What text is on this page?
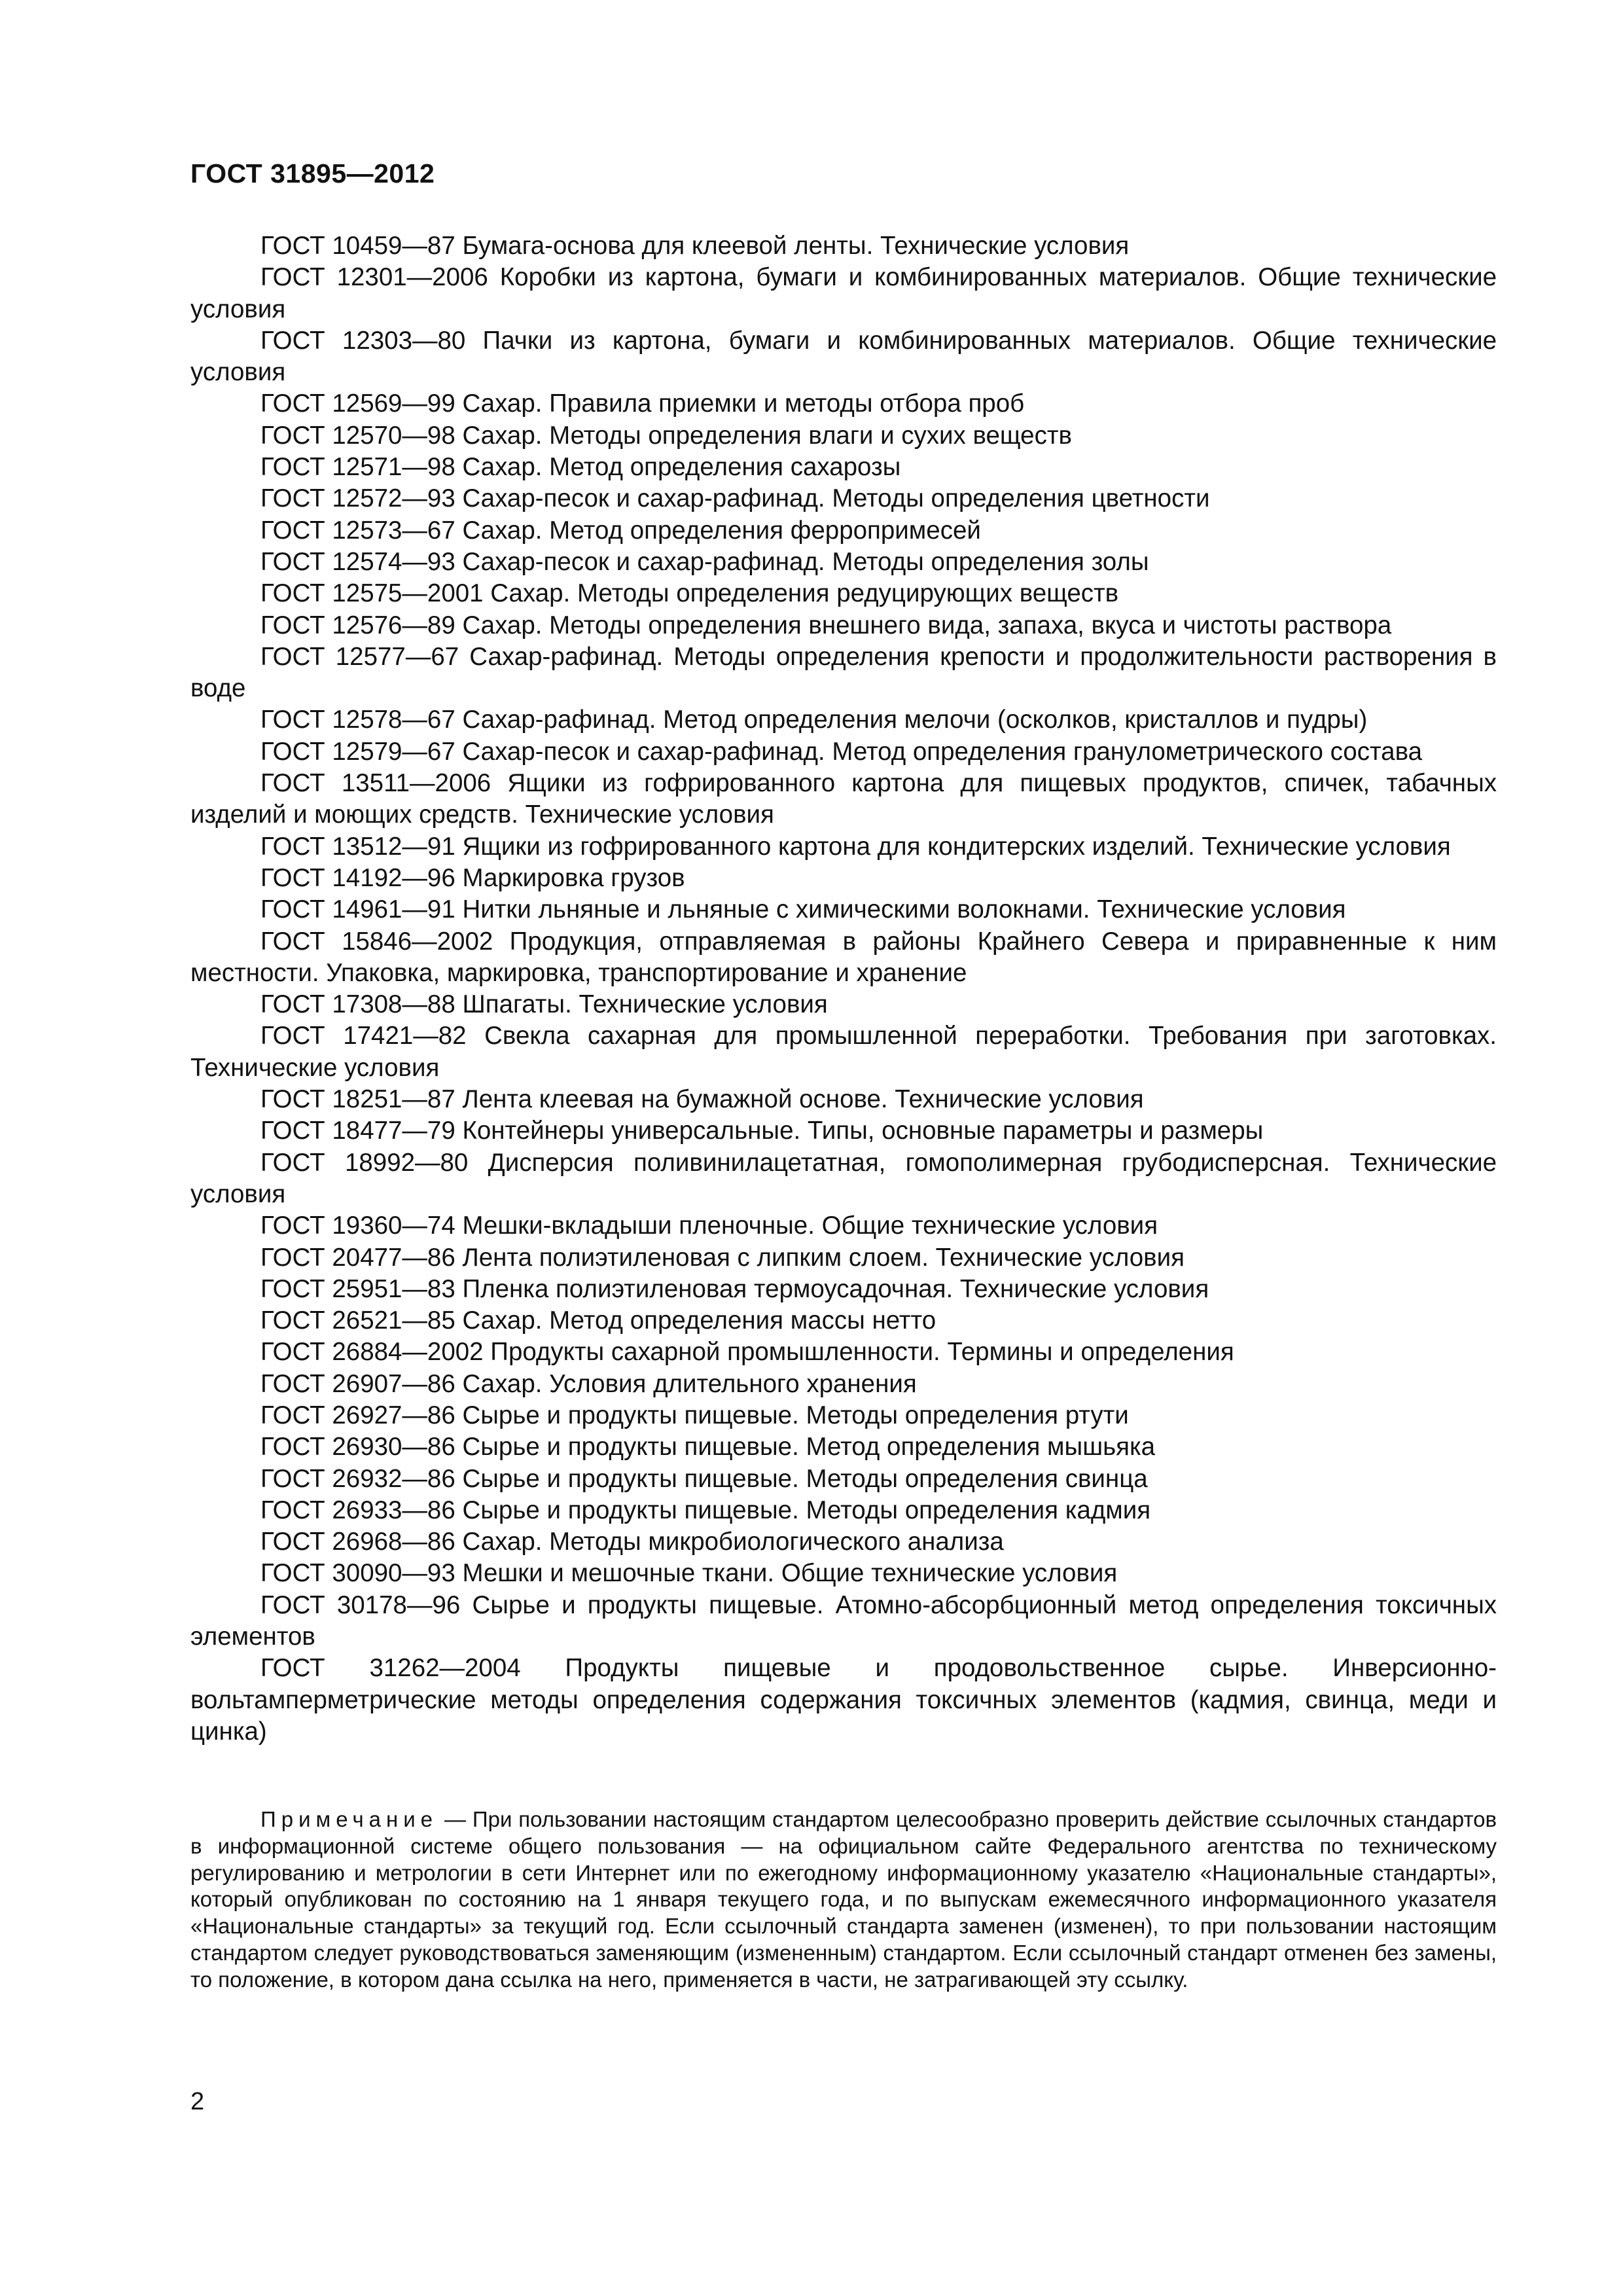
ГОСТ 31895—2012

ГОСТ 10459—87 Бумага-основа для клеевой ленты. Технические условия

ГОСТ 12301—2006 Коробки из картона, бумаги и комбинированных материалов. Общие технические условия

ГОСТ 12303—80 Пачки из картона, бумаги и комбинированных материалов. Общие технические условия

ГОСТ 12569—99 Сахар. Правила приемки и методы отбора проб

ГОСТ 12570—98 Сахар. Методы определения влаги и сухих веществ

ГОСТ 12571—98 Сахар. Метод определения сахарозы

ГОСТ 12572—93 Сахар-песок и сахар-рафинад. Методы определения цветности

ГОСТ 12573—67 Сахар. Метод определения ферропримесей

ГОСТ 12574—93 Сахар-песок и сахар-рафинад. Методы определения золы

ГОСТ 12575—2001 Сахар. Методы определения редуцирующих веществ

ГОСТ 12576—89 Сахар. Методы определения внешнего вида, запаха, вкуса и чистоты раствора

ГОСТ 12577—67 Сахар-рафинад. Методы определения крепости и продолжительности растворения в воде

ГОСТ 12578—67 Сахар-рафинад. Метод определения мелочи (осколков, кристаллов и пудры)

ГОСТ 12579—67 Сахар-песок и сахар-рафинад. Метод определения гранулометрического состава

ГОСТ 13511—2006 Ящики из гофрированного картона для пищевых продуктов, спичек, табачных изделий и моющих средств. Технические условия

ГОСТ 13512—91 Ящики из гофрированного картона для кондитерских изделий. Технические условия

ГОСТ 14192—96 Маркировка грузов

ГОСТ 14961—91 Нитки льняные и льняные с химическими волокнами. Технические условия

ГОСТ 15846—2002 Продукция, отправляемая в районы Крайнего Севера и приравненные к ним местности. Упаковка, маркировка, транспортирование и хранение

ГОСТ 17308—88 Шпагаты. Технические условия

ГОСТ 17421—82 Свекла сахарная для промышленной переработки. Требования при заготовках. Технические условия

ГОСТ 18251—87 Лента клеевая на бумажной основе. Технические условия

ГОСТ 18477—79 Контейнеры универсальные. Типы, основные параметры и размеры

ГОСТ 18992—80 Дисперсия поливинилацетатная, гомополимерная грубодисперсная. Технические условия

ГОСТ 19360—74 Мешки-вкладыши пленочные. Общие технические условия

ГОСТ 20477—86 Лента полиэтиленовая с липким слоем. Технические условия

ГОСТ 25951—83 Пленка полиэтиленовая термоусадочная. Технические условия

ГОСТ 26521—85 Сахар. Метод определения массы нетто

ГОСТ 26884—2002 Продукты сахарной промышленности. Термины и определения

ГОСТ 26907—86 Сахар. Условия длительного хранения

ГОСТ 26927—86 Сырье и продукты пищевые. Методы определения ртути

ГОСТ 26930—86 Сырье и продукты пищевые. Метод определения мышьяка

ГОСТ 26932—86 Сырье и продукты пищевые. Методы определения свинца

ГОСТ 26933—86 Сырье и продукты пищевые. Методы определения кадмия

ГОСТ 26968—86 Сахар. Методы микробиологического анализа

ГОСТ 30090—93 Мешки и мешочные ткани. Общие технические условия

ГОСТ 30178—96 Сырье и продукты пищевые. Атомно-абсорбционный метод определения токсичных элементов

ГОСТ 31262—2004 Продукты пищевые и продовольственное сырье. Инверсионно-вольтамперметрические методы определения содержания токсичных элементов (кадмия, свинца, меди и цинка)

Примечание — При пользовании настоящим стандартом целесообразно проверить действие ссылочных стандартов в информационной системе общего пользования — на официальном сайте Федерального агентства по техническому регулированию и метрологии в сети Интернет или по ежегодному информационному указателю «Национальные стандарты», который опубликован по состоянию на 1 января текущего года, и по выпускам ежемесячного информационного указателя «Национальные стандарты» за текущий год. Если ссылочный стандарта заменен (изменен), то при пользовании настоящим стандартом следует руководствоваться заменяющим (измененным) стандартом. Если ссылочный стандарт отменен без замены, то положение, в котором дана ссылка на него, применяется в части, не затрагивающей эту ссылку.

2
